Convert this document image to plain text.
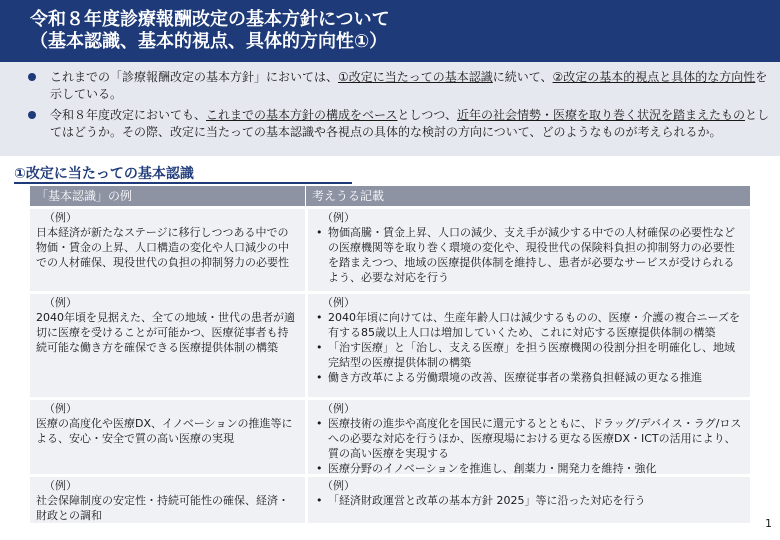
令和８年度診療報酬改定の基本方針について
（基本認識、基本的視点、具体的方向性①）
これまでの「診療報酬改定の基本方針」においては、①改定に当たっての基本認識に続いて、②改定の基本的視点と具体的な方向性を示している。
令和８年度改定においても、これまでの基本方針の構成をベースとしつつ、近年の社会情勢・医療を取り巻く状況を踏まえたものとしてはどうか。その際、改定に当たっての基本認識や各視点の具体的な検討の方向について、どのようなものが考えられるか。
①改定に当たっての基本認識
「基本認識」の例	考えうる記載
（例）
日本経済が新たなステージに移行しつつある中での物価・賃金の上昇、人口構造の変化や人口減少の中での人材確保、現役世代の負担の抑制努力の必要性
（例）
• 物価高騰・賃金上昇、人口の減少、支え手が減少する中での人材確保の必要性などの医療機関等を取り巻く環境の変化や、現役世代の保険料負担の抑制努力の必要性を踏まえつつ、地域の医療提供体制を維持し、患者が必要なサービスが受けられるよう、必要な対応を行う
（例）
2040年頃を見据えた、全ての地域・世代の患者が適切に医療を受けることが可能かつ、医療従事者も持続可能な働き方を確保できる医療提供体制の構築
（例）
• 2040年頃に向けては、生産年齢人口は減少するものの、医療・介護の複合ニーズを有する85歳以上人口は増加していくため、これに対応する医療提供体制の構築
• 「治す医療」と「治し、支える医療」を担う医療機関の役割分担を明確化し、地域完結型の医療提供体制の構築
• 働き方改革による労働環境の改善、医療従事者の業務負担軽減の更なる推進
（例）
医療の高度化や医療DX、イノベーションの推進等による、安心・安全で質の高い医療の実現
（例）
• 医療技術の進歩や高度化を国民に還元するとともに、ドラッグ/デバイス・ラグ/ロスへの必要な対応を行うほか、医療現場における更なる医療DX・ICTの活用により、質の高い医療を実現する
• 医療分野のイノベーションを推進し、創薬力・開発力を維持・強化
（例）
社会保障制度の安定性・持続可能性の確保、経済・財政との調和
（例）
• 「経済財政運営と改革の基本方針 2025」等に沿った対応を行う
1
